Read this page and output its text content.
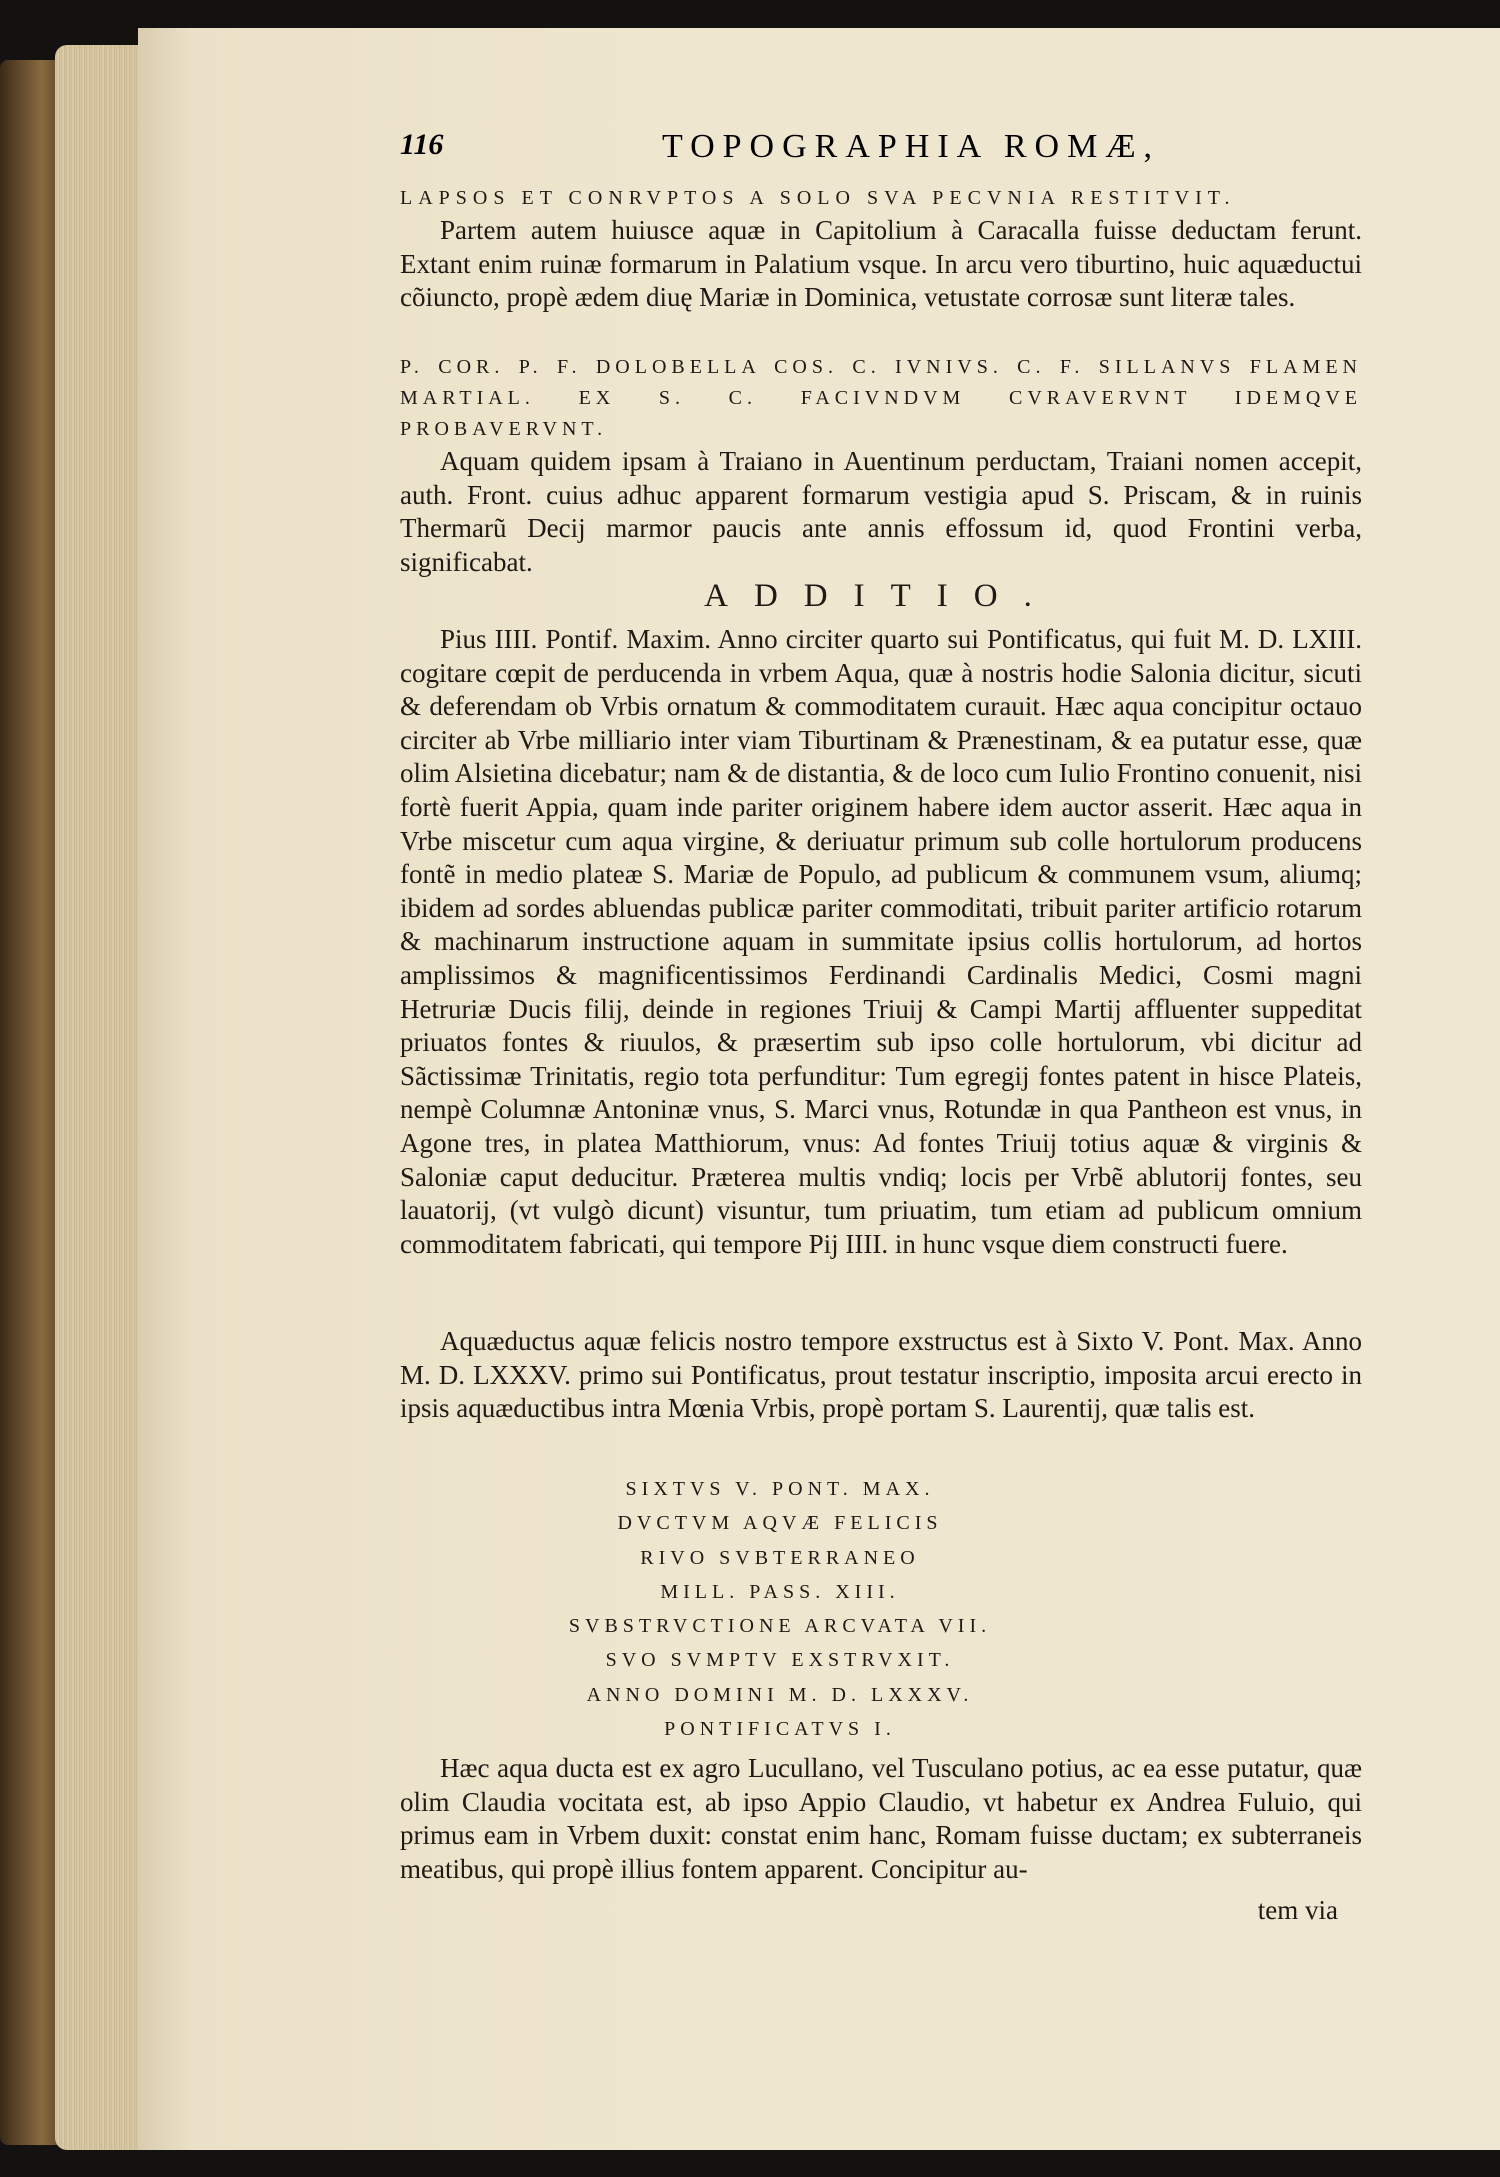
116	TOPOGRAPHIA ROMÆ,

LAPSOS ET CONRVPTOS A SOLO SVA PECVNIA RESTITVIT.

Partem autem huiusce aquæ in Capitolium à Caracalla fuisse deductam ferunt. Extant enim ruinæ formarum in Palatium vsque. In arcu vero tiburtino, huic aquæductui cõiuncto, propè ædem diuę Mariæ in Dominica, vetustate corrosæ sunt literæ tales.

P. COR. P. F. DOLOBELLA COS. C. IVNIVS. C. F. SILLANVS FLAMEN MARTIAL. EX S. C. FACIVNDVM CVRAVERVNT IDEMQVE PROBAVERVNT.

Aquam quidem ipsam à Traiano in Auentinum perductam, Traiani nomen accepit, auth. Front. cuius adhuc apparent formarum vestigia apud S. Priscam, & in ruinis Thermarũ Decij marmor paucis ante annis effossum id, quod Frontini verba, significabat.

ADDITIO.

Pius IIII. Pontif. Maxim. Anno circiter quarto sui Pontificatus, qui fuit M. D. LXIII. cogitare cœpit de perducenda in vrbem Aqua, quæ à nostris hodie Salonia dicitur, sicuti & deferendam ob Vrbis ornatum & commoditatem curauit. Hæc aqua concipitur octauo circiter ab Vrbe milliario inter viam Tiburtinam & Prænestinam, & ea putatur esse, quæ olim Alsietina dicebatur; nam & de distantia, & de loco cum Iulio Frontino conuenit, nisi fortè fuerit Appia, quam inde pariter originem habere idem auctor asserit. Hæc aqua in Vrbe miscetur cum aqua virgine, & deriuatur primum sub colle hortulorum producens fontẽ in medio plateæ S. Mariæ de Populo, ad publicum & communem vsum, aliumq; ibidem ad sordes abluendas publicæ pariter commoditati, tribuit pariter artificio rotarum & machinarum instructione aquam in summitate ipsius collis hortulorum, ad hortos amplissimos & magnificentissimos Ferdinandi Cardinalis Medici, Cosmi magni Hetruriæ Ducis filij, deinde in regiones Triuij & Campi Martij affluenter suppeditat priuatos fontes & riuulos, & præsertim sub ipso colle hortulorum, vbi dicitur ad Sãctissimæ Trinitatis, regio tota perfunditur: Tum egregij fontes patent in hisce Plateis, nempè Columnæ Antoninæ vnus, S. Marci vnus, Rotundæ in qua Pantheon est vnus, in Agone tres, in platea Matthiorum, vnus: Ad fontes Triuij totius aquæ & virginis & Saloniæ caput deducitur. Præterea multis vndiq; locis per Vrbẽ ablutorij fontes, seu lauatorij, (vt vulgò dicunt) visuntur, tum priuatim, tum etiam ad publicum omnium commoditatem fabricati, qui tempore Pij IIII. in hunc vsque diem constructi fuere.

Aquæductus aquæ felicis nostro tempore exstructus est à Sixto V. Pont. Max. Anno M. D. LXXXV. primo sui Pontificatus, prout testatur inscriptio, imposita arcui erecto in ipsis aquæductibus intra Mœnia Vrbis, propè portam S. Laurentij, quæ talis est.

SIXTVS V. PONT. MAX.

DVCTVM AQVÆ FELICIS

RIVO SVBTERRANEO

MILL. PASS. XIII.

SVBSTRVCTIONE ARCVATA VII.

SVO SVMPTV EXSTRVXIT.

ANNO DOMINI M. D. LXXXV.

PONTIFICATVS I.

Hæc aqua ducta est ex agro Lucullano, vel Tusculano potius, ac ea esse putatur, quæ olim Claudia vocitata est, ab ipso Appio Claudio, vt habetur ex Andrea Fuluio, qui primus eam in Vrbem duxit: constat enim hanc, Romam fuisse ductam; ex subterraneis meatibus, qui propè illius fontem apparent. Concipitur au-

tem via
